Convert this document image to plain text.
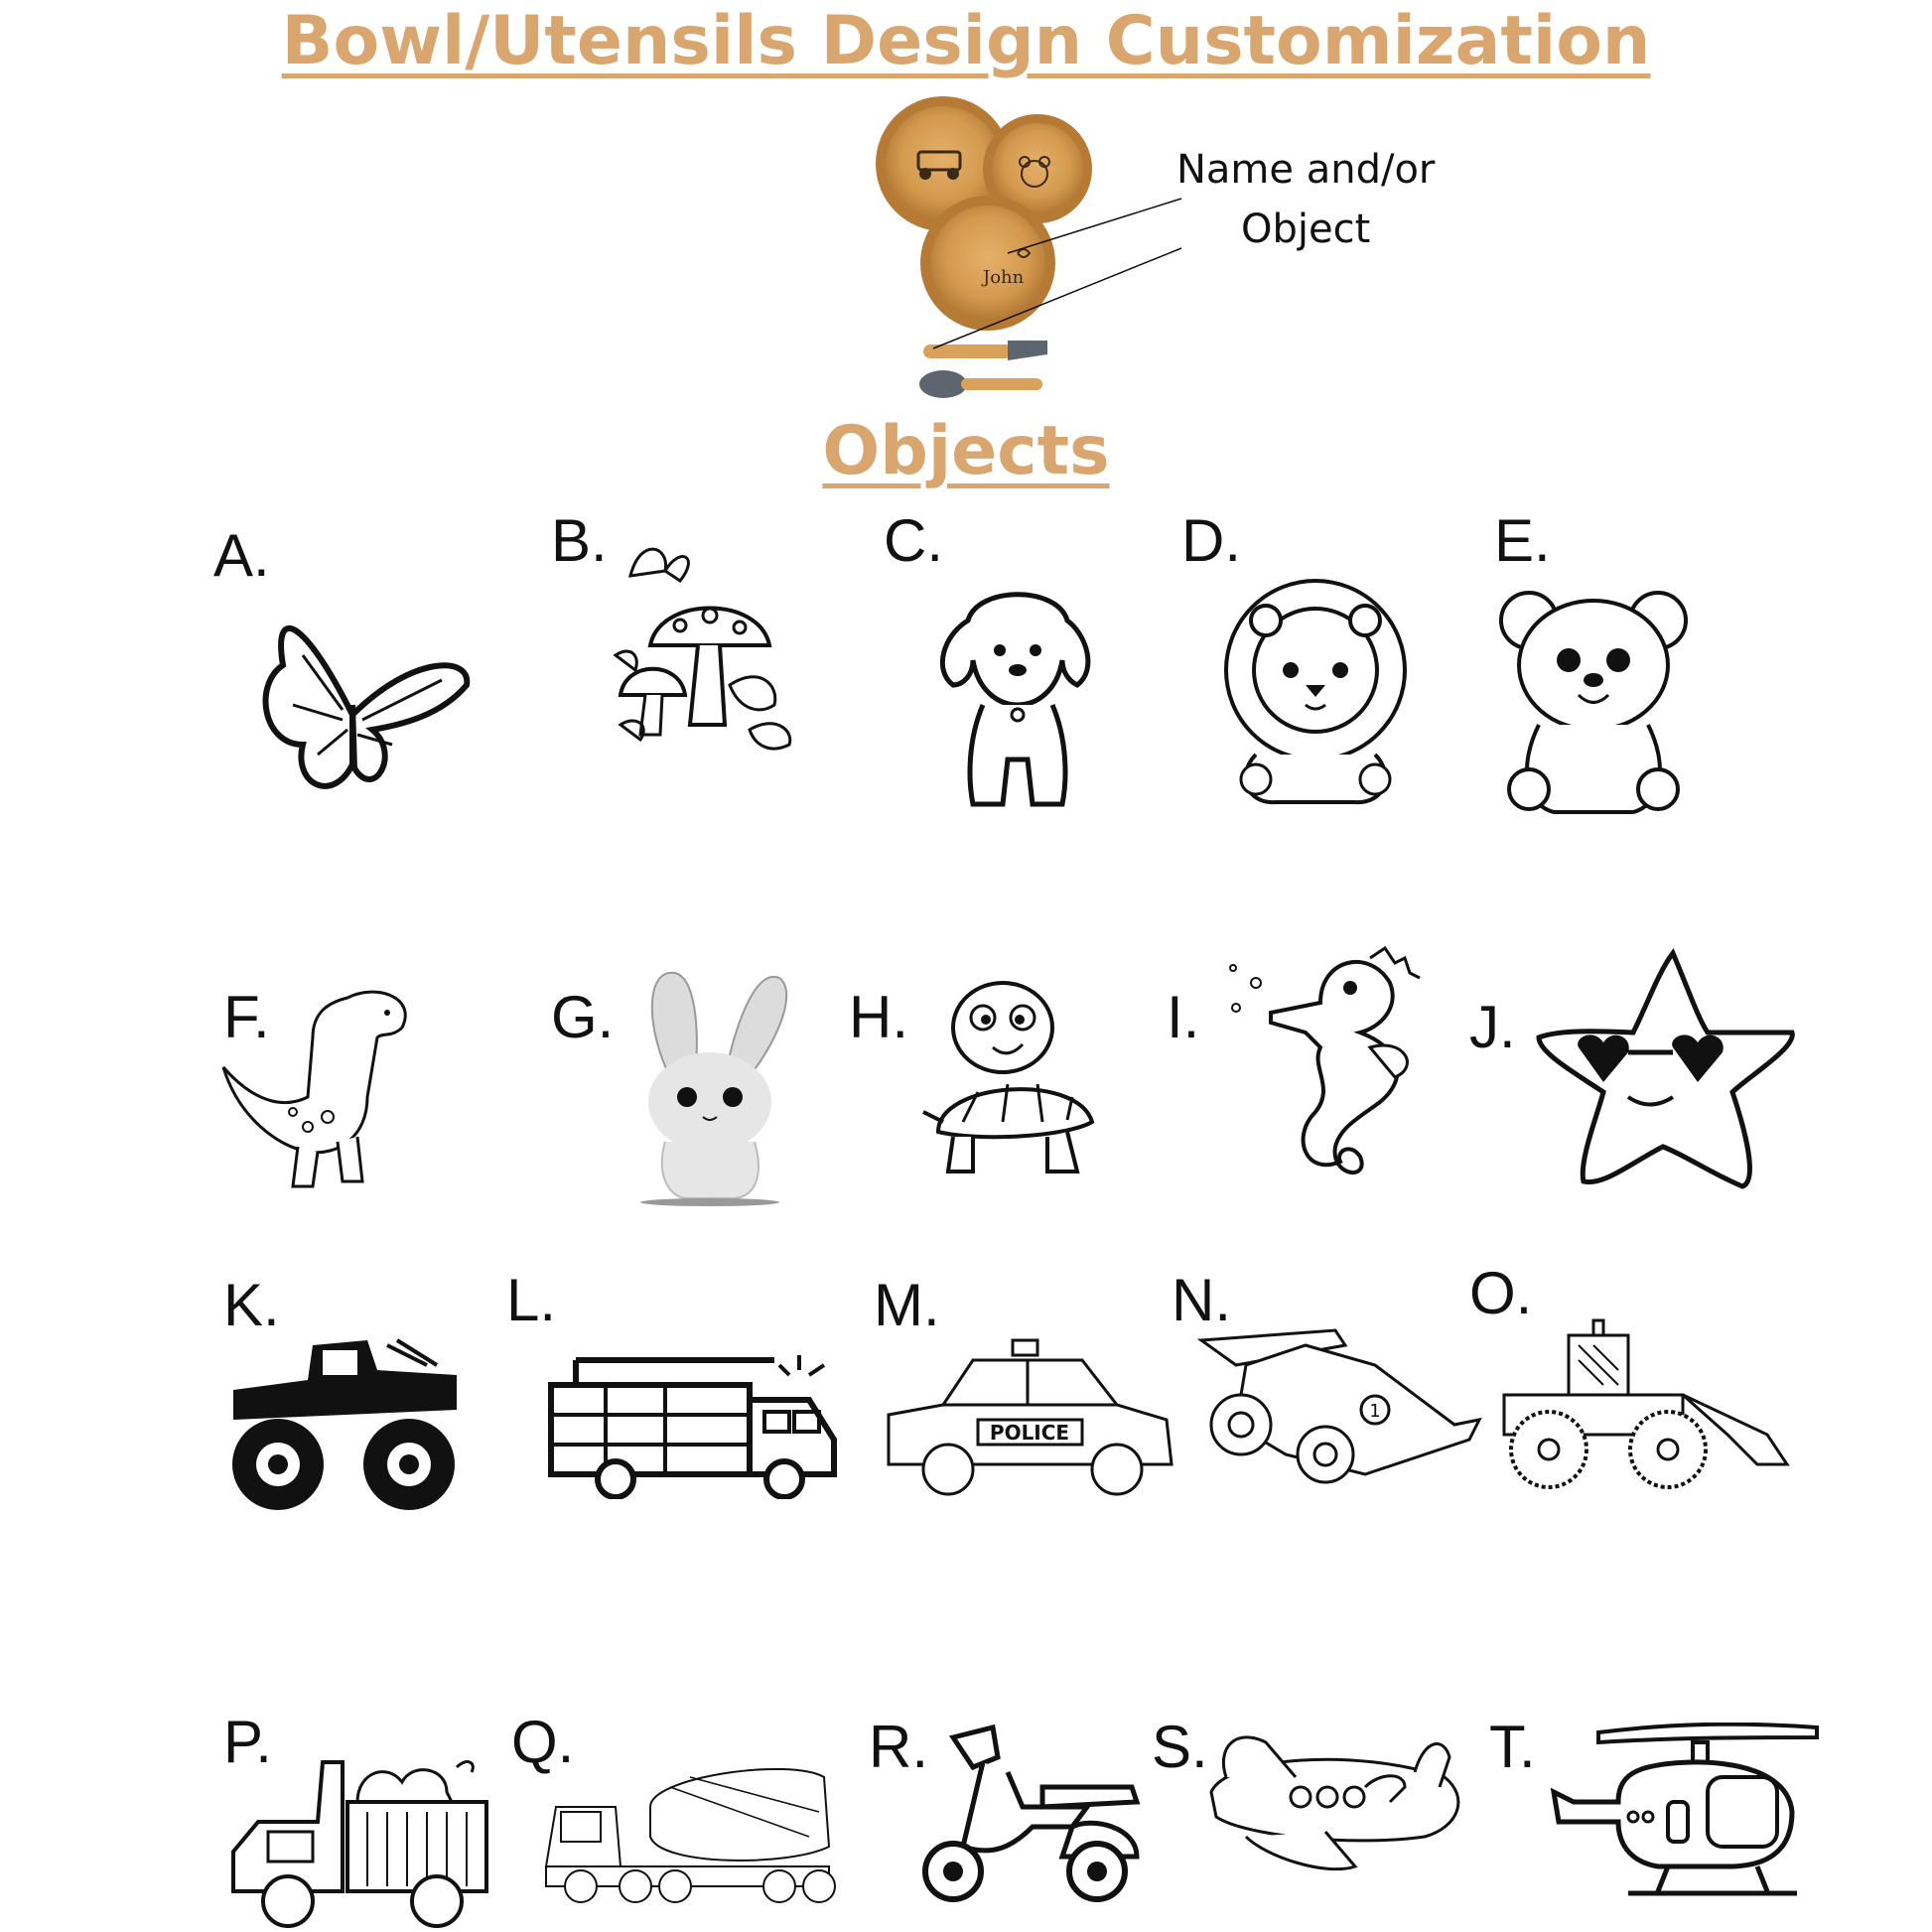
Bowl/Utensils Design Customization
John
Name and/or
Object
Objects
A.	B.	C.	D.	E.
F.	G.	H.	I.	J.
K.	L.	M.
POLICE
N.
1
O.
P.	Q.	R.	S.	T.
